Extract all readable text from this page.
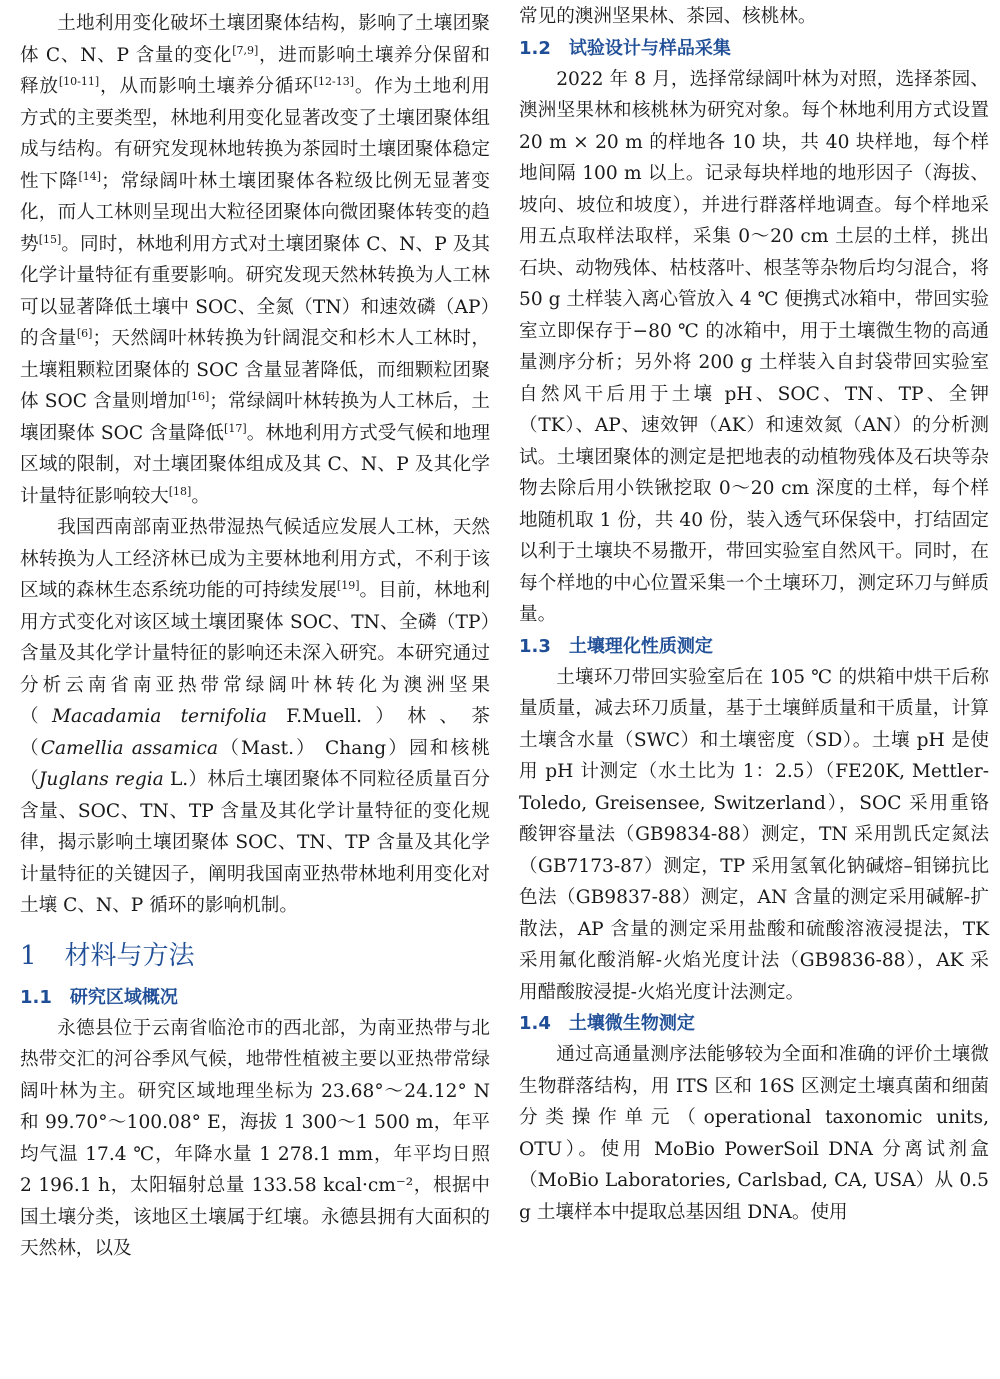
土地利用变化破坏土壤团聚体结构，影响了土壤团聚体 C、N、P 含量的变化[7,9]，进而影响土壤养分保留和释放[10-11]，从而影响土壤养分循环[12-13]。作为土地利用方式的主要类型，林地利用变化显著改变了土壤团聚体组成与结构。有研究发现林地转换为茶园时土壤团聚体稳定性下降[14]；常绿阔叶林土壤团聚体各粒级比例无显著变化，而人工林则呈现出大粒径团聚体向微团聚体转变的趋势[15]。同时，林地利用方式对土壤团聚体 C、N、P 及其化学计量特征有重要影响。研究发现天然林转换为人工林可以显著降低土壤中 SOC、全氮（TN）和速效磷（AP）的含量[6]；天然阔叶林转换为针阔混交和杉木人工林时，土壤粗颗粒团聚体的 SOC 含量显著降低，而细颗粒团聚体 SOC 含量则增加[16]；常绿阔叶林转换为人工林后，土壤团聚体 SOC 含量降低[17]。林地利用方式受气候和地理区域的限制，对土壤团聚体组成及其 C、N、P 及其化学计量特征影响较大[18]。

我国西南部南亚热带湿热气候适应发展人工林，天然林转换为人工经济林已成为主要林地利用方式，不利于该区域的森林生态系统功能的可持续发展[19]。目前，林地利用方式变化对该区域土壤团聚体 SOC、TN、全磷（TP）含量及其化学计量特征的影响还未深入研究。本研究通过分析云南省南亚热带常绿阔叶林转化为澳洲坚果（Macadamia ternifolia F.Muell.）林、茶（Camellia assamica（Mast.） Chang）园和核桃（Juglans regia L.）林后土壤团聚体不同粒径质量百分含量、SOC、TN、TP 含量及其化学计量特征的变化规律，揭示影响土壤团聚体 SOC、TN、TP 含量及其化学计量特征的关键因子，阐明我国南亚热带林地利用变化对土壤 C、N、P 循环的影响机制。

1 材料与方法
1.1 研究区域概况

永德县位于云南省临沧市的西北部，为南亚热带与北热带交汇的河谷季风气候，地带性植被主要以亚热带常绿阔叶林为主。研究区域地理坐标为 23.68°～24.12° N 和 99.70°～100.08° E，海拔 1 300～1 500 m，年平均气温 17.4 ℃，年降水量 1 278.1 mm，年平均日照 2 196.1 h，太阳辐射总量 133.58 kcal·cm⁻²，根据中国土壤分类，该地区土壤属于红壤。永德县拥有大面积的天然林，以及

常见的澳洲坚果林、茶园、核桃林。

1.2 试验设计与样品采集

2022 年 8 月，选择常绿阔叶林为对照，选择茶园、澳洲坚果林和核桃林为研究对象。每个林地利用方式设置 20 m × 20 m 的样地各 10 块，共 40 块样地，每个样地间隔 100 m 以上。记录每块样地的地形因子（海拔、坡向、坡位和坡度），并进行群落样地调查。每个样地采用五点取样法取样，采集 0～20 cm 土层的土样，挑出石块、动物残体、枯枝落叶、根茎等杂物后均匀混合，将 50 g 土样装入离心管放入 4 ℃ 便携式冰箱中，带回实验室立即保存于−80 ℃ 的冰箱中，用于土壤微生物的高通量测序分析；另外将 200 g 土样装入自封袋带回实验室自然风干后用于土壤 pH、SOC、TN、TP、全钾（TK）、AP、速效钾（AK）和速效氮（AN）的分析测试。土壤团聚体的测定是把地表的动植物残体及石块等杂物去除后用小铁锹挖取 0～20 cm 深度的土样，每个样地随机取 1 份，共 40 份，装入透气环保袋中，打结固定以利于土壤块不易撒开，带回实验室自然风干。同时，在每个样地的中心位置采集一个土壤环刀，测定环刀与鲜质量。

1.3 土壤理化性质测定

土壤环刀带回实验室后在 105 ℃ 的烘箱中烘干后称量质量，减去环刀质量，基于土壤鲜质量和干质量，计算土壤含水量（SWC）和土壤密度（SD）。土壤 pH 是使用 pH 计测定（水土比为 1：2.5）（FE20K, Mettler-Toledo, Greisensee, Switzerland），SOC 采用重铬酸钾容量法（GB9834-88）测定，TN 采用凯氏定氮法（GB7173-87）测定，TP 采用氢氧化钠碱熔–钼锑抗比色法（GB9837-88）测定，AN 含量的测定采用碱解-扩散法，AP 含量的测定采用盐酸和硫酸溶液浸提法，TK 采用氟化酸消解-火焰光度计法（GB9836-88），AK 采用醋酸胺浸提-火焰光度计法测定。

1.4 土壤微生物测定

通过高通量测序法能够较为全面和准确的评价土壤微生物群落结构，用 ITS 区和 16S 区测定土壤真菌和细菌分类操作单元（operational taxonomic units, OTU）。使用 MoBio PowerSoil DNA 分离试剂盒（MoBio Laboratories, Carlsbad, CA, USA）从 0.5 g 土壤样本中提取总基因组 DNA。使用
